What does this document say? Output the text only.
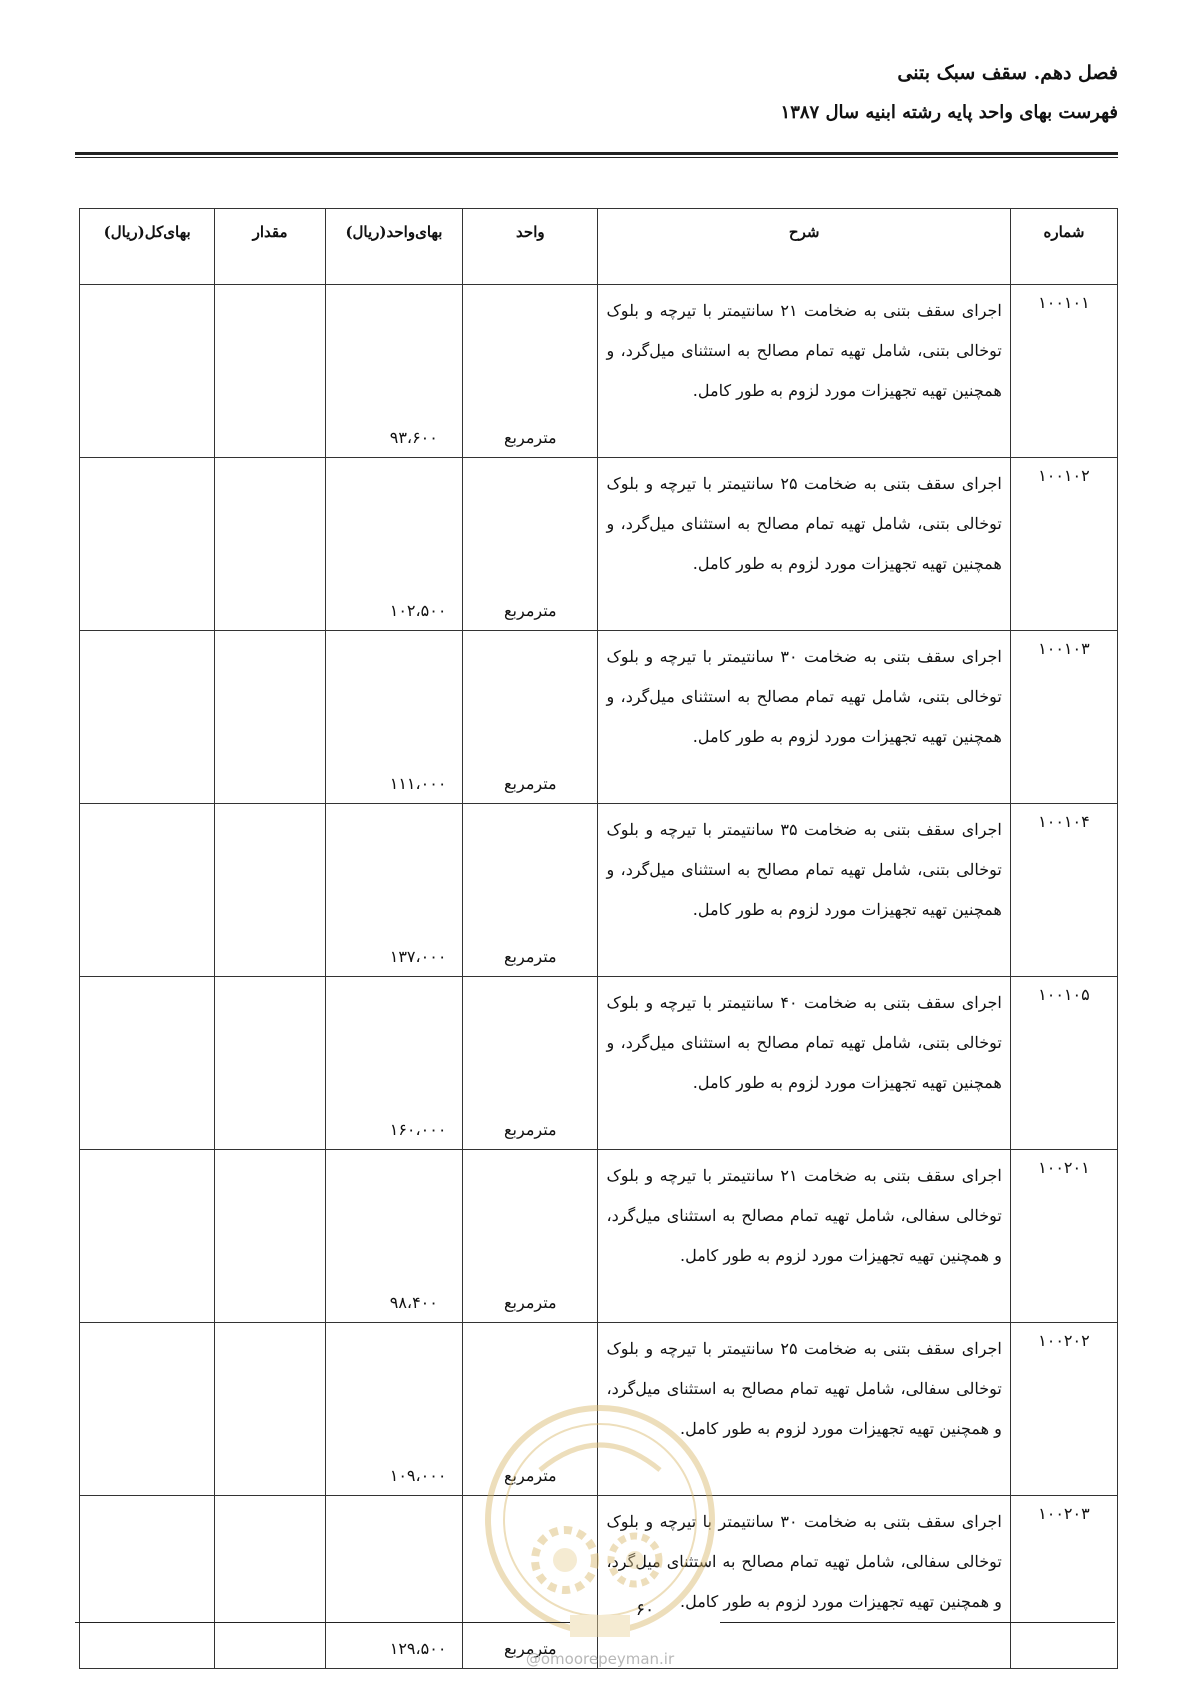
فصل دهم. سقف سبک بتنی
فهرست بهای واحد پایه رشته ابنیه سال ۱۳۸۷
شماره	شرح	واحد	بهای‌واحد(ریال)	مقدار	بهای‌کل(ریال)
۱۰۰۱۰۱	اجرای سقف بتنی به ضخامت ۲۱ سانتیمتر با تیرچه و بلوک توخالی بتنی، شامل تهیه تمام مصالح به استثنای میل‌گرد، و همچنین تهیه تجهیزات مورد لزوم به طور کامل.	مترمربع	۹۳،۶۰۰		
۱۰۰۱۰۲	اجرای سقف بتنی به ضخامت ۲۵ سانتیمتر با تیرچه و بلوک توخالی بتنی، شامل تهیه تمام مصالح به استثنای میل‌گرد، و همچنین تهیه تجهیزات مورد لزوم به طور کامل.	مترمربع	۱۰۲،۵۰۰		
۱۰۰۱۰۳	اجرای سقف بتنی به ضخامت ۳۰ سانتیمتر با تیرچه و بلوک توخالی بتنی، شامل تهیه تمام مصالح به استثنای میل‌گرد، و همچنین تهیه تجهیزات مورد لزوم به طور کامل.	مترمربع	۱۱۱،۰۰۰		
۱۰۰۱۰۴	اجرای سقف بتنی به ضخامت ۳۵ سانتیمتر با تیرچه و بلوک توخالی بتنی، شامل تهیه تمام مصالح به استثنای میل‌گرد، و همچنین تهیه تجهیزات مورد لزوم به طور کامل.	مترمربع	۱۳۷،۰۰۰		
۱۰۰۱۰۵	اجرای سقف بتنی به ضخامت ۴۰ سانتیمتر با تیرچه و بلوک توخالی بتنی، شامل تهیه تمام مصالح به استثنای میل‌گرد، و همچنین تهیه تجهیزات مورد لزوم به طور کامل.	مترمربع	۱۶۰،۰۰۰		
۱۰۰۲۰۱	اجرای سقف بتنی به ضخامت ۲۱ سانتیمتر با تیرچه و بلوک توخالی سفالی، شامل تهیه تمام مصالح به استثنای میل‌گرد، و همچنین تهیه تجهیزات مورد لزوم به طور کامل.	مترمربع	۹۸،۴۰۰		
۱۰۰۲۰۲	اجرای سقف بتنی به ضخامت ۲۵ سانتیمتر با تیرچه و بلوک توخالی سفالی، شامل تهیه تمام مصالح به استثنای میل‌گرد، و همچنین تهیه تجهیزات مورد لزوم به طور کامل.	مترمربع	۱۰۹،۰۰۰		
۱۰۰۲۰۳	اجرای سقف بتنی به ضخامت ۳۰ سانتیمتر با تیرچه و بلوک توخالی سفالی، شامل تهیه تمام مصالح به استثنای میل‌گرد، و همچنین تهیه تجهیزات مورد لزوم به طور کامل.	مترمربع	۱۲۹،۵۰۰		
۶۰
@omoorepeyman.ir
